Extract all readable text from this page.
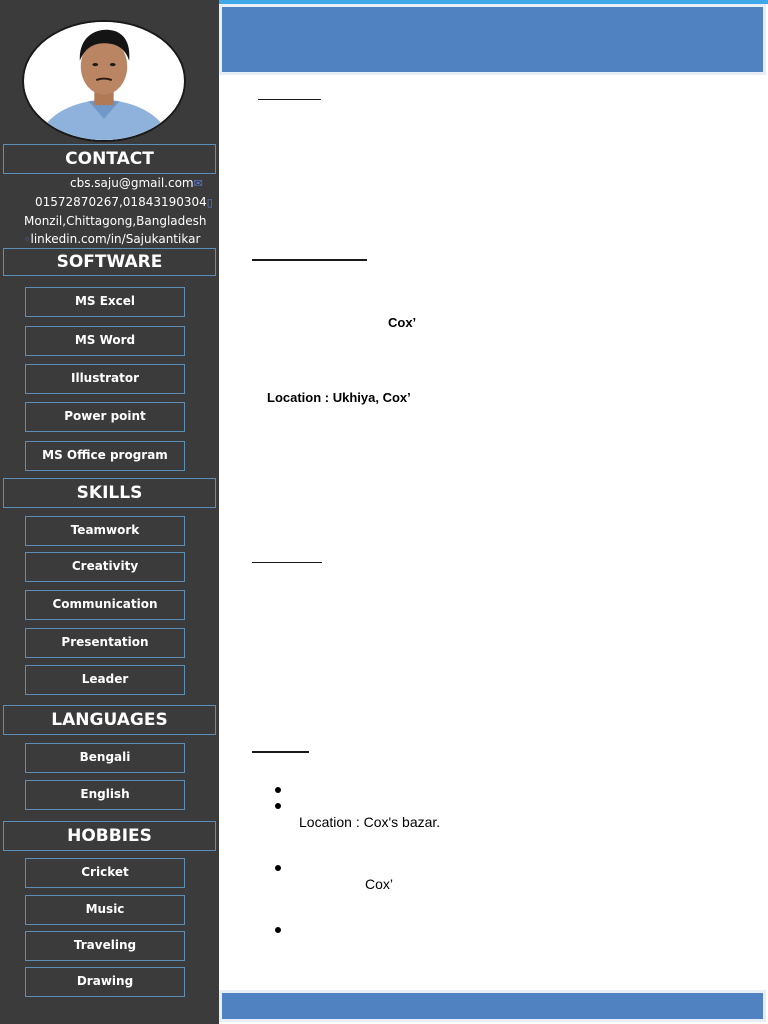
CONTACT
cbs.saju@gmail.com✉
01572870267,01843190304▯
Monzil,Chittagong,Bangladesh
◦linkedin.com/in/Sajukantikar
SOFTWARE
MS Excel
MS Word
Illustrator
Power point
MS Office program
SKILLS
Teamwork
Creativity
Communication
Presentation
Leader
LANGUAGES
Bengali
English
HOBBIES
Cricket
Music
Traveling
Drawing
Cox’
Location : Ukhiya, Cox’
Location : Cox's bazar.
Cox’
